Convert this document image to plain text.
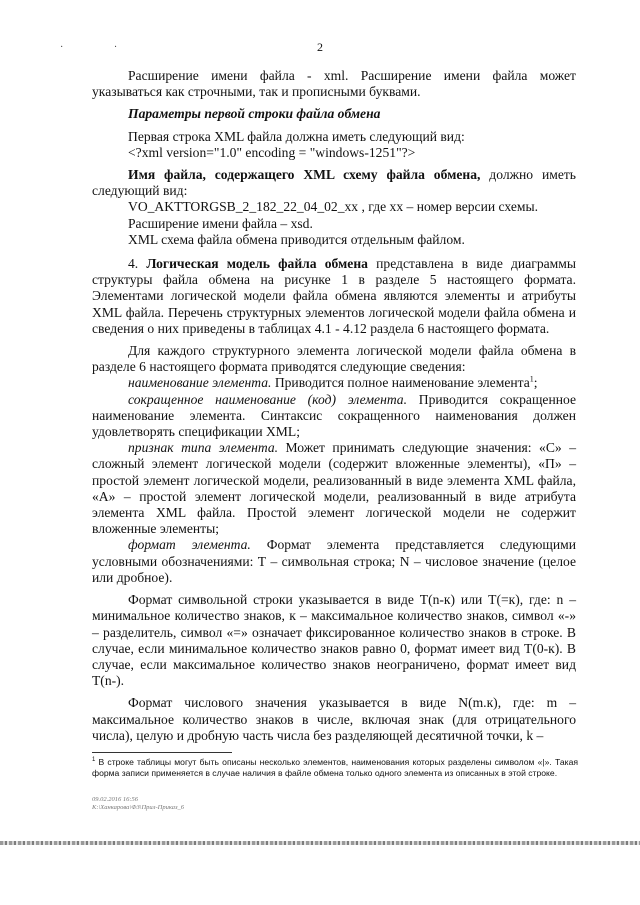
2
· ·

Расширение имени файла - xml. Расширение имени файла может указываться как строчными, так и прописными буквами.

Параметры первой строки файла обмена

Первая строка XML файла должна иметь следующий вид:

<?xml version="1.0" encoding = "windows-1251"?>

Имя файла, содержащего XML схему файла обмена, должно иметь следующий вид:

VO_AKTTORGSB_2_182_22_04_02_xx , где хх – номер версии схемы.

Расширение имени файла – xsd.

XML схема файла обмена приводится отдельным файлом.

4. Логическая модель файла обмена представлена в виде диаграммы структуры файла обмена на рисунке 1 в разделе 5 настоящего формата. Элементами логической модели файла обмена являются элементы и атрибуты XML файла. Перечень структурных элементов логической модели файла обмена и сведения о них приведены в таблицах 4.1 - 4.12 раздела 6 настоящего формата.

Для каждого структурного элемента логической модели файла обмена в разделе 6 настоящего формата приводятся следующие сведения:

наименование элемента. Приводится полное наименование элемента$^1$;

сокращенное наименование (код) элемента. Приводится сокращенное наименование элемента. Синтаксис сокращенного наименования должен удовлетворять спецификации XML;

признак типа элемента. Может принимать следующие значения: «С» – сложный элемент логической модели (содержит вложенные элементы), «П» – простой элемент логической модели, реализованный в виде элемента XML файла, «А» – простой элемент логической модели, реализованный в виде атрибута элемента XML файла. Простой элемент логической модели не содержит вложенные элементы;

формат элемента. Формат элемента представляется следующими условными обозначениями: Т – символьная строка; N – числовое значение (целое или дробное).

Формат символьной строки указывается в виде Т(n-к) или Т(=к), где: n – минимальное количество знаков, к – максимальное количество знаков, символ «-» – разделитель, символ «=» означает фиксированное количество знаков в строке. В случае, если минимальное количество знаков равно 0, формат имеет вид Т(0-к). В случае, если максимальное количество знаков неограничено, формат имеет вид Т(n-).

Формат числового значения указывается в виде N(m.к), где: m – максимальное количество знаков в числе, включая знак (для отрицательного числа), целую и дробную часть числа без разделяющей десятичной точки, k –

$^1$ В строке таблицы могут быть описаны несколько элементов, наименования которых разделены символом «|». Такая форма записи применяется в случае наличия в файле обмена только одного элемента из описанных в этой строке.
09.02.2016 16:56
K:\Ханкарова\ФЗ\Прил-Приказ_6
